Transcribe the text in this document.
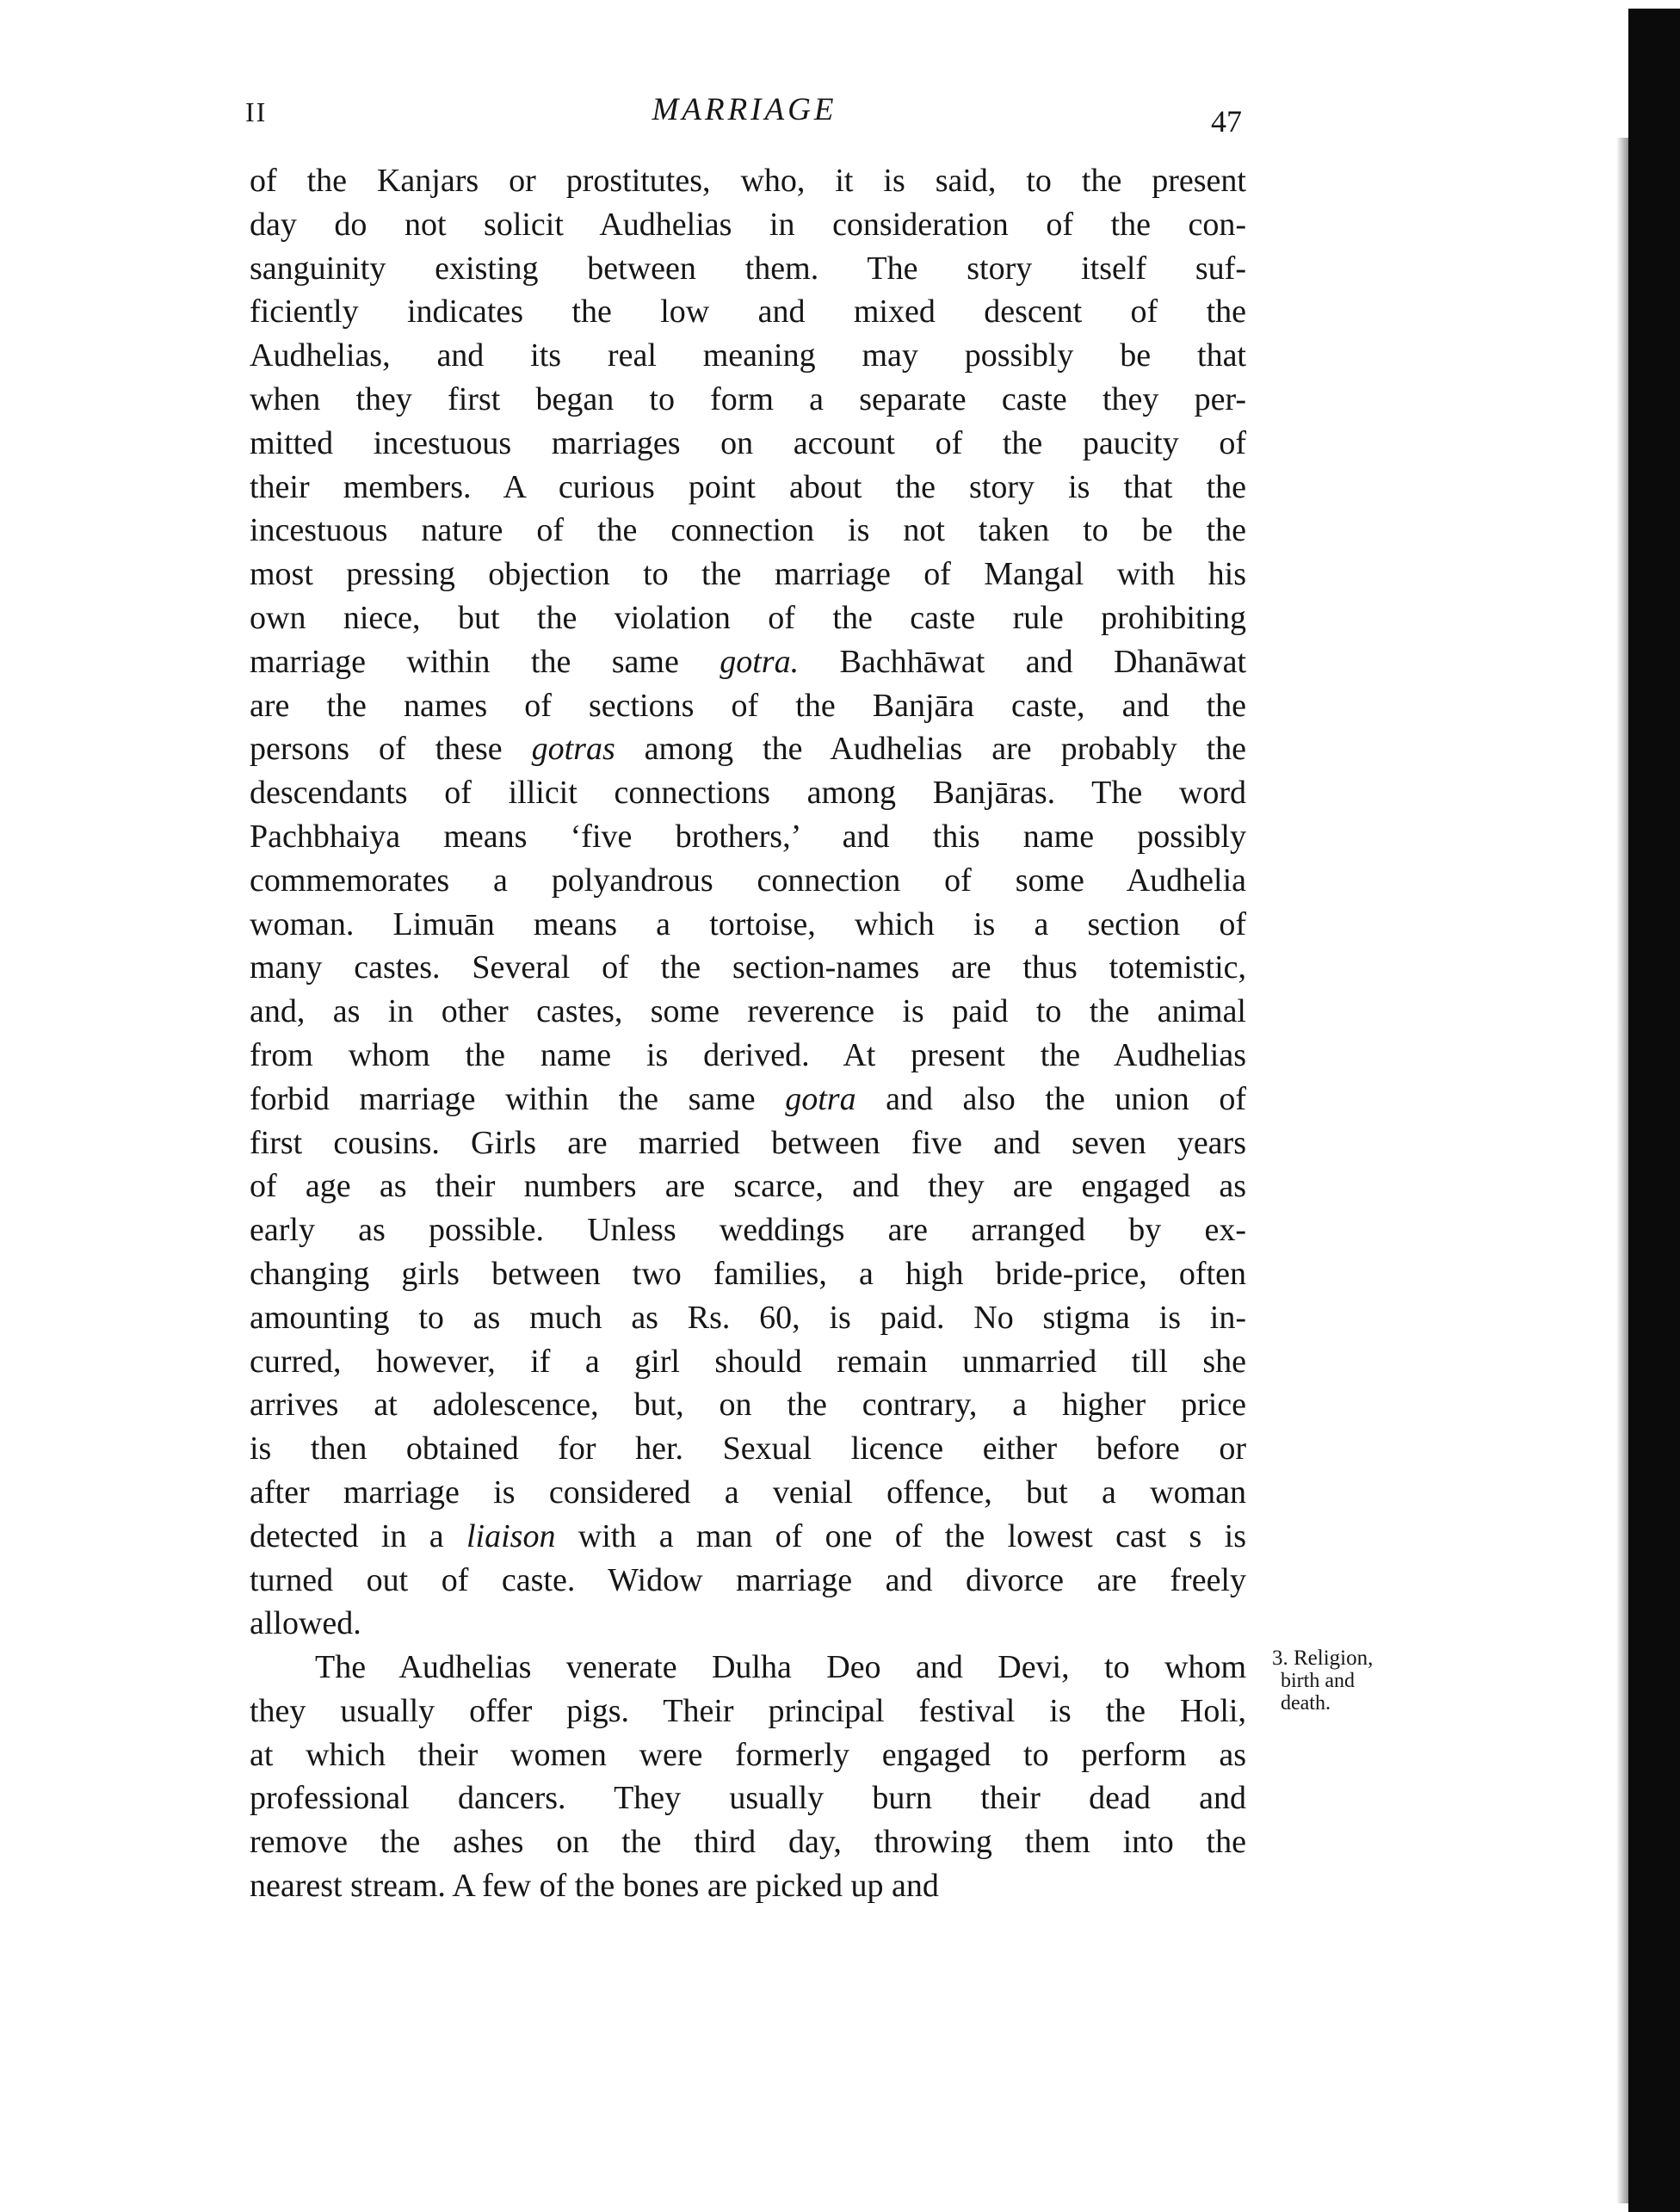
II	MARRIAGE	47
of the Kanjars or prostitutes, who, it is said, to the present
day do not solicit Audhelias in consideration of the con-
sanguinity existing between them. The story itself suf-
ficiently indicates the low and mixed descent of the
Audhelias, and its real meaning may possibly be that
when they first began to form a separate caste they per-
mitted incestuous marriages on account of the paucity of
their members. A curious point about the story is that the
incestuous nature of the connection is not taken to be the
most pressing objection to the marriage of Mangal with his
own niece, but the violation of the caste rule prohibiting
marriage within the same gotra. Bachhāwat and Dhanāwat
are the names of sections of the Banjāra caste, and the
persons of these gotras among the Audhelias are probably the
descendants of illicit connections among Banjāras. The word
Pachbhaiya means ‘five brothers,’ and this name possibly
commemorates a polyandrous connection of some Audhelia
woman. Limuān means a tortoise, which is a section of
many castes. Several of the section-names are thus totemistic,
and, as in other castes, some reverence is paid to the animal
from whom the name is derived. At present the Audhelias
forbid marriage within the same gotra and also the union of
first cousins. Girls are married between five and seven years
of age as their numbers are scarce, and they are engaged as
early as possible. Unless weddings are arranged by ex-
changing girls between two families, a high bride-price, often
amounting to as much as Rs. 60, is paid. No stigma is in-
curred, however, if a girl should remain unmarried till she
arrives at adolescence, but, on the contrary, a higher price
is then obtained for her. Sexual licence either before or
after marriage is considered a venial offence, but a woman
detected in a liaison with a man of one of the lowest cast s is
turned out of caste. Widow marriage and divorce are freely
allowed.
The Audhelias venerate Dulha Deo and Devi, to whom
they usually offer pigs. Their principal festival is the Holi,
at which their women were formerly engaged to perform as
professional dancers. They usually burn their dead and
remove the ashes on the third day, throwing them into the
nearest stream. A few of the bones are picked up and
3. Religion,
birth and
death.
